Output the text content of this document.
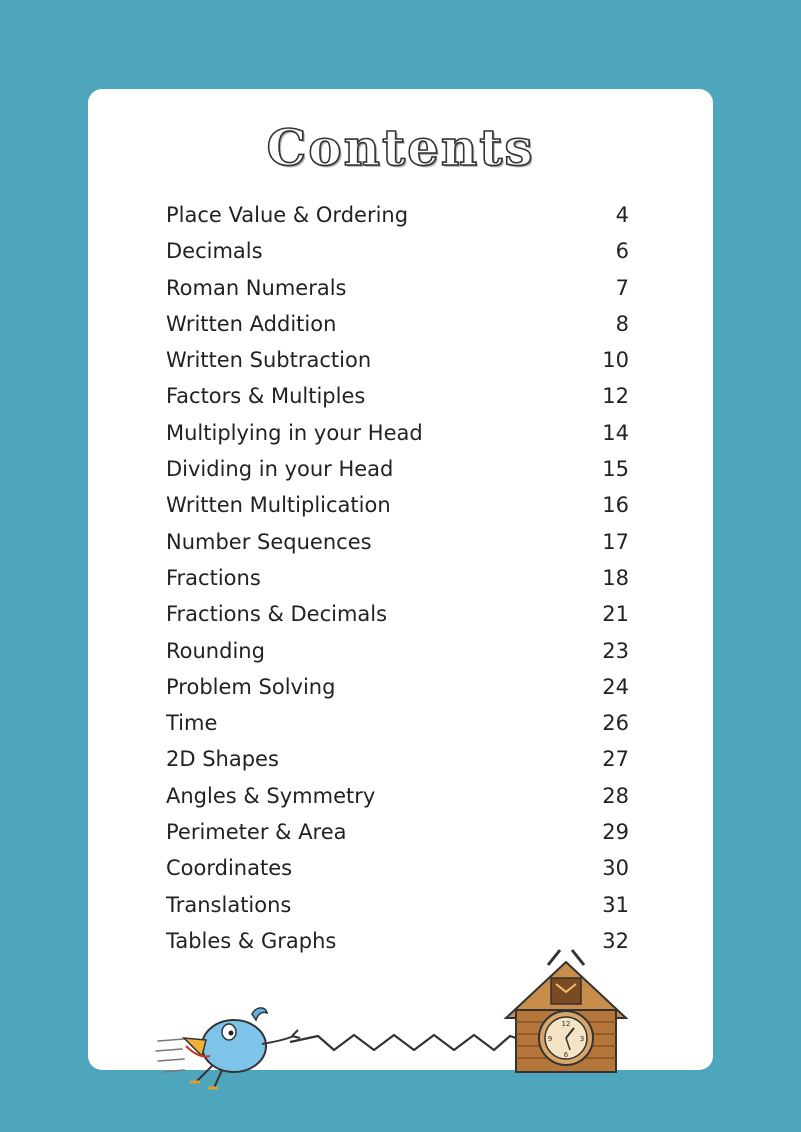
Contents
Place Value & Ordering	4
Decimals	6
Roman Numerals	7
Written Addition	8
Written Subtraction	10
Factors & Multiples	12
Multiplying in your Head	14
Dividing in your Head	15
Written Multiplication	16
Number Sequences	17
Fractions	18
Fractions & Decimals	21
Rounding	23
Problem Solving	24
Time	26
2D Shapes	27
Angles & Symmetry	28
Perimeter & Area	29
Coordinates	30
Translations	31
Tables & Graphs	32
12
3
6
9
